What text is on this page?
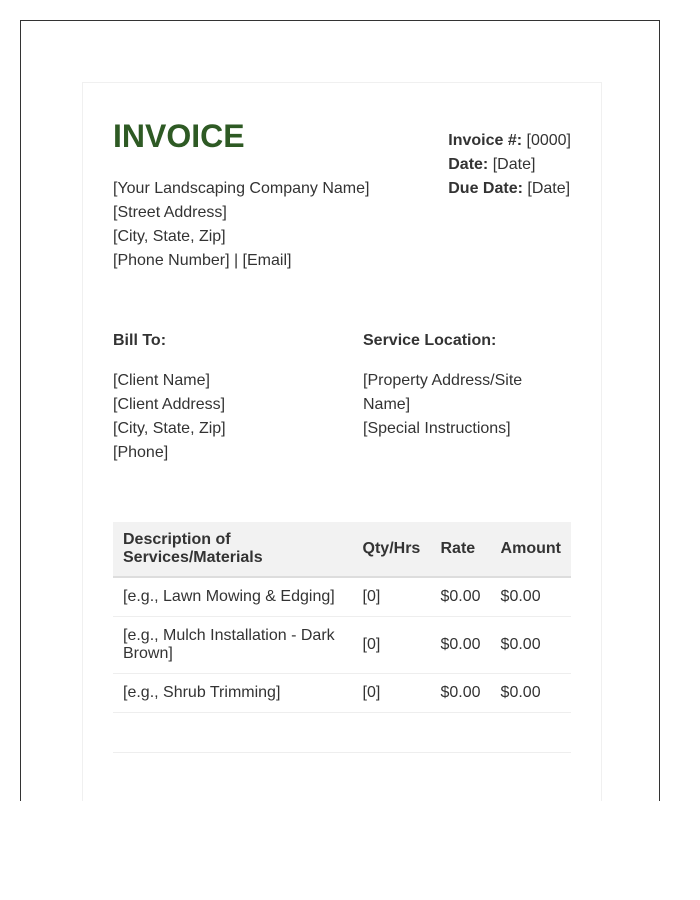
INVOICE
[Your Landscaping Company Name]
[Street Address]
[City, State, Zip]
[Phone Number] | [Email]
Invoice #: [0000]
Date: [Date]
Due Date: [Date]
Bill To:
[Client Name]
[Client Address]
[City, State, Zip]
[Phone]
Service Location:
[Property Address/Site Name]
[Special Instructions]
Description of Services/Materials	Qty/Hrs	Rate	Amount
[e.g., Lawn Mowing & Edging]	[0]	$0.00	$0.00
[e.g., Mulch Installation - Dark Brown]	[0]	$0.00	$0.00
[e.g., Shrub Trimming]	[0]	$0.00	$0.00
